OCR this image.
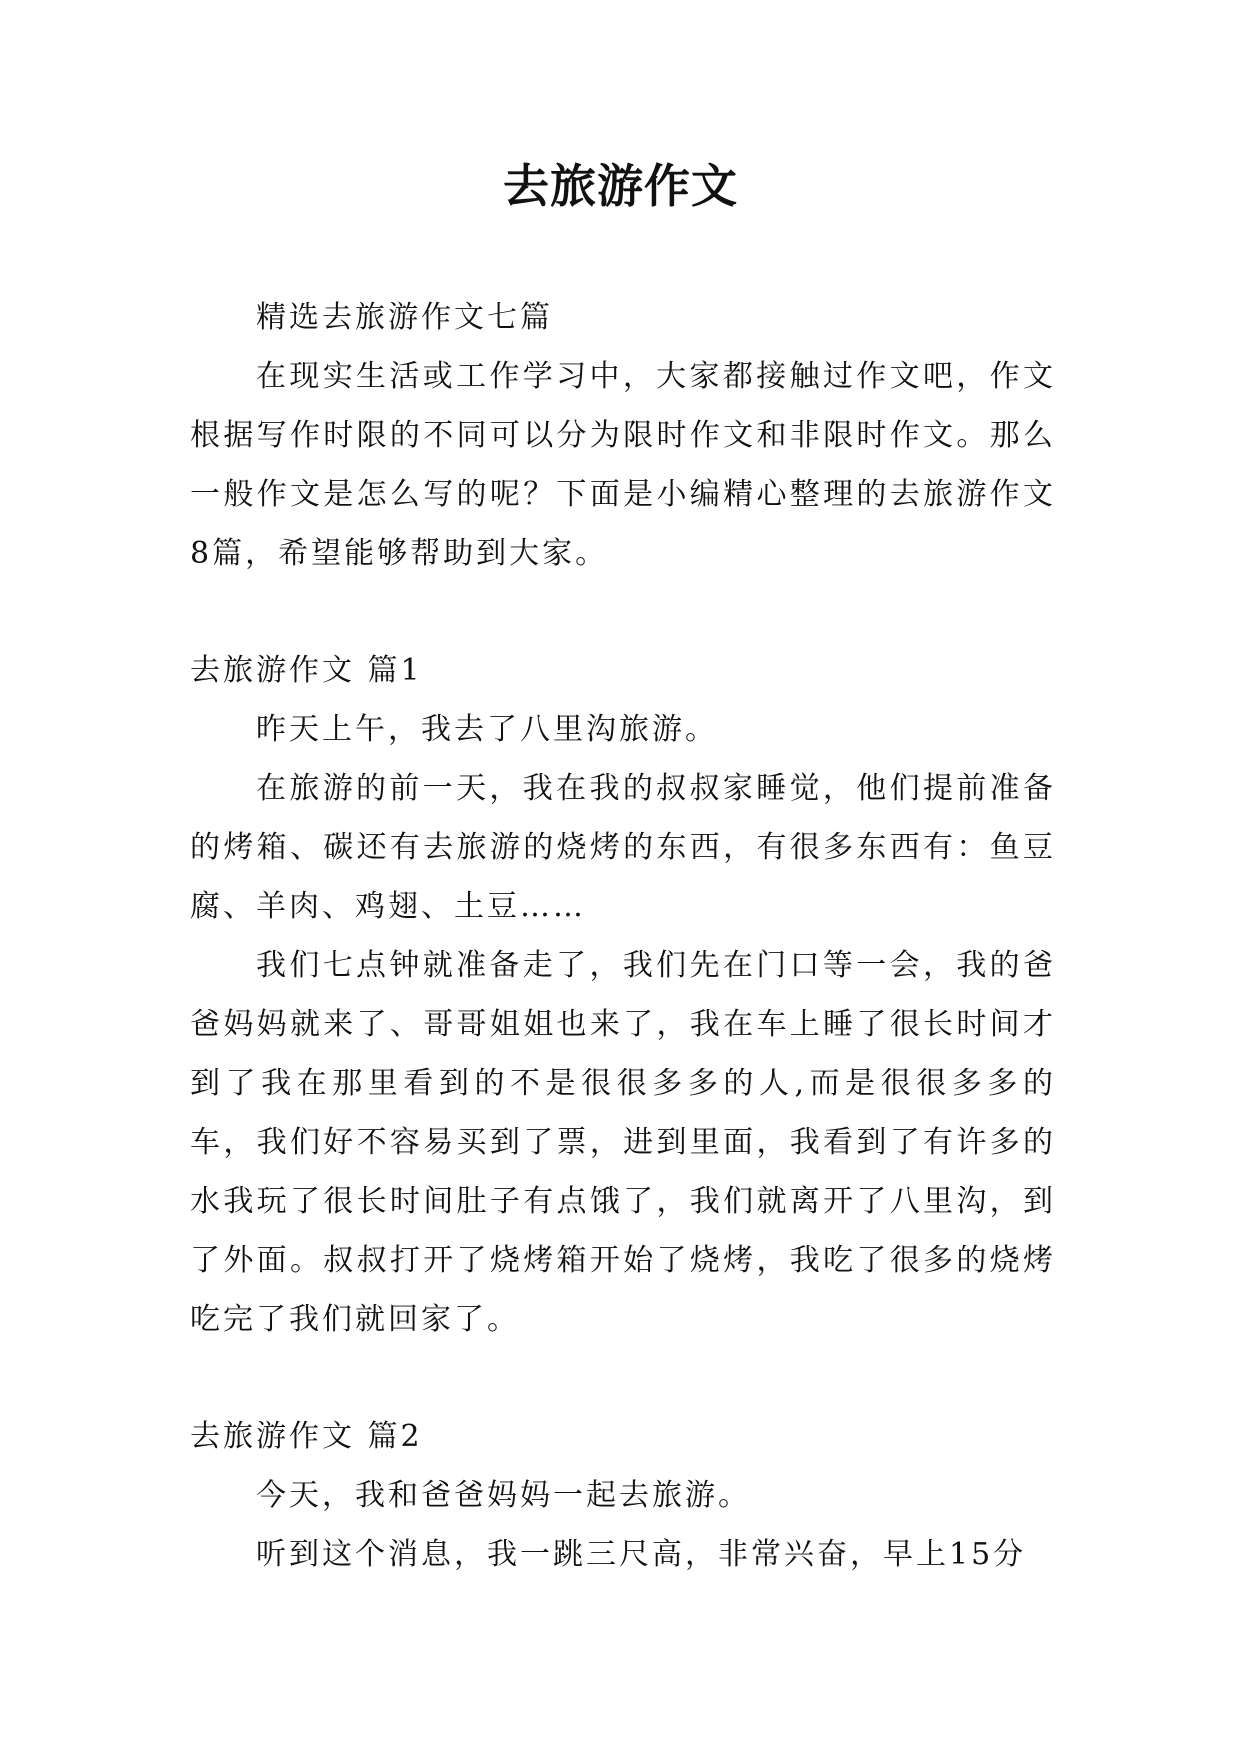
去旅游作文

精选去旅游作文七篇

在现实生活或工作学习中，大家都接触过作文吧，作文根据写作时限的不同可以分为限时作文和非限时作文。那么一般作文是怎么写的呢？下面是小编精心整理的去旅游作文8篇，希望能够帮助到大家。

去旅游作文 篇1

昨天上午，我去了八里沟旅游。

在旅游的前一天，我在我的叔叔家睡觉，他们提前准备的烤箱、碳还有去旅游的烧烤的东西，有很多东西有：鱼豆腐、羊肉、鸡翅、土豆……

我们七点钟就准备走了，我们先在门口等一会，我的爸爸妈妈就来了、哥哥姐姐也来了，我在车上睡了很长时间才到了我在那里看到的不是很很多多的人,而是很很多多的车，我们好不容易买到了票，进到里面，我看到了有许多的水我玩了很长时间肚子有点饿了，我们就离开了八里沟，到了外面。叔叔打开了烧烤箱开始了烧烤，我吃了很多的烧烤吃完了我们就回家了。

去旅游作文 篇2

今天，我和爸爸妈妈一起去旅游。

听到这个消息，我一跳三尺高，非常兴奋，早上15分
